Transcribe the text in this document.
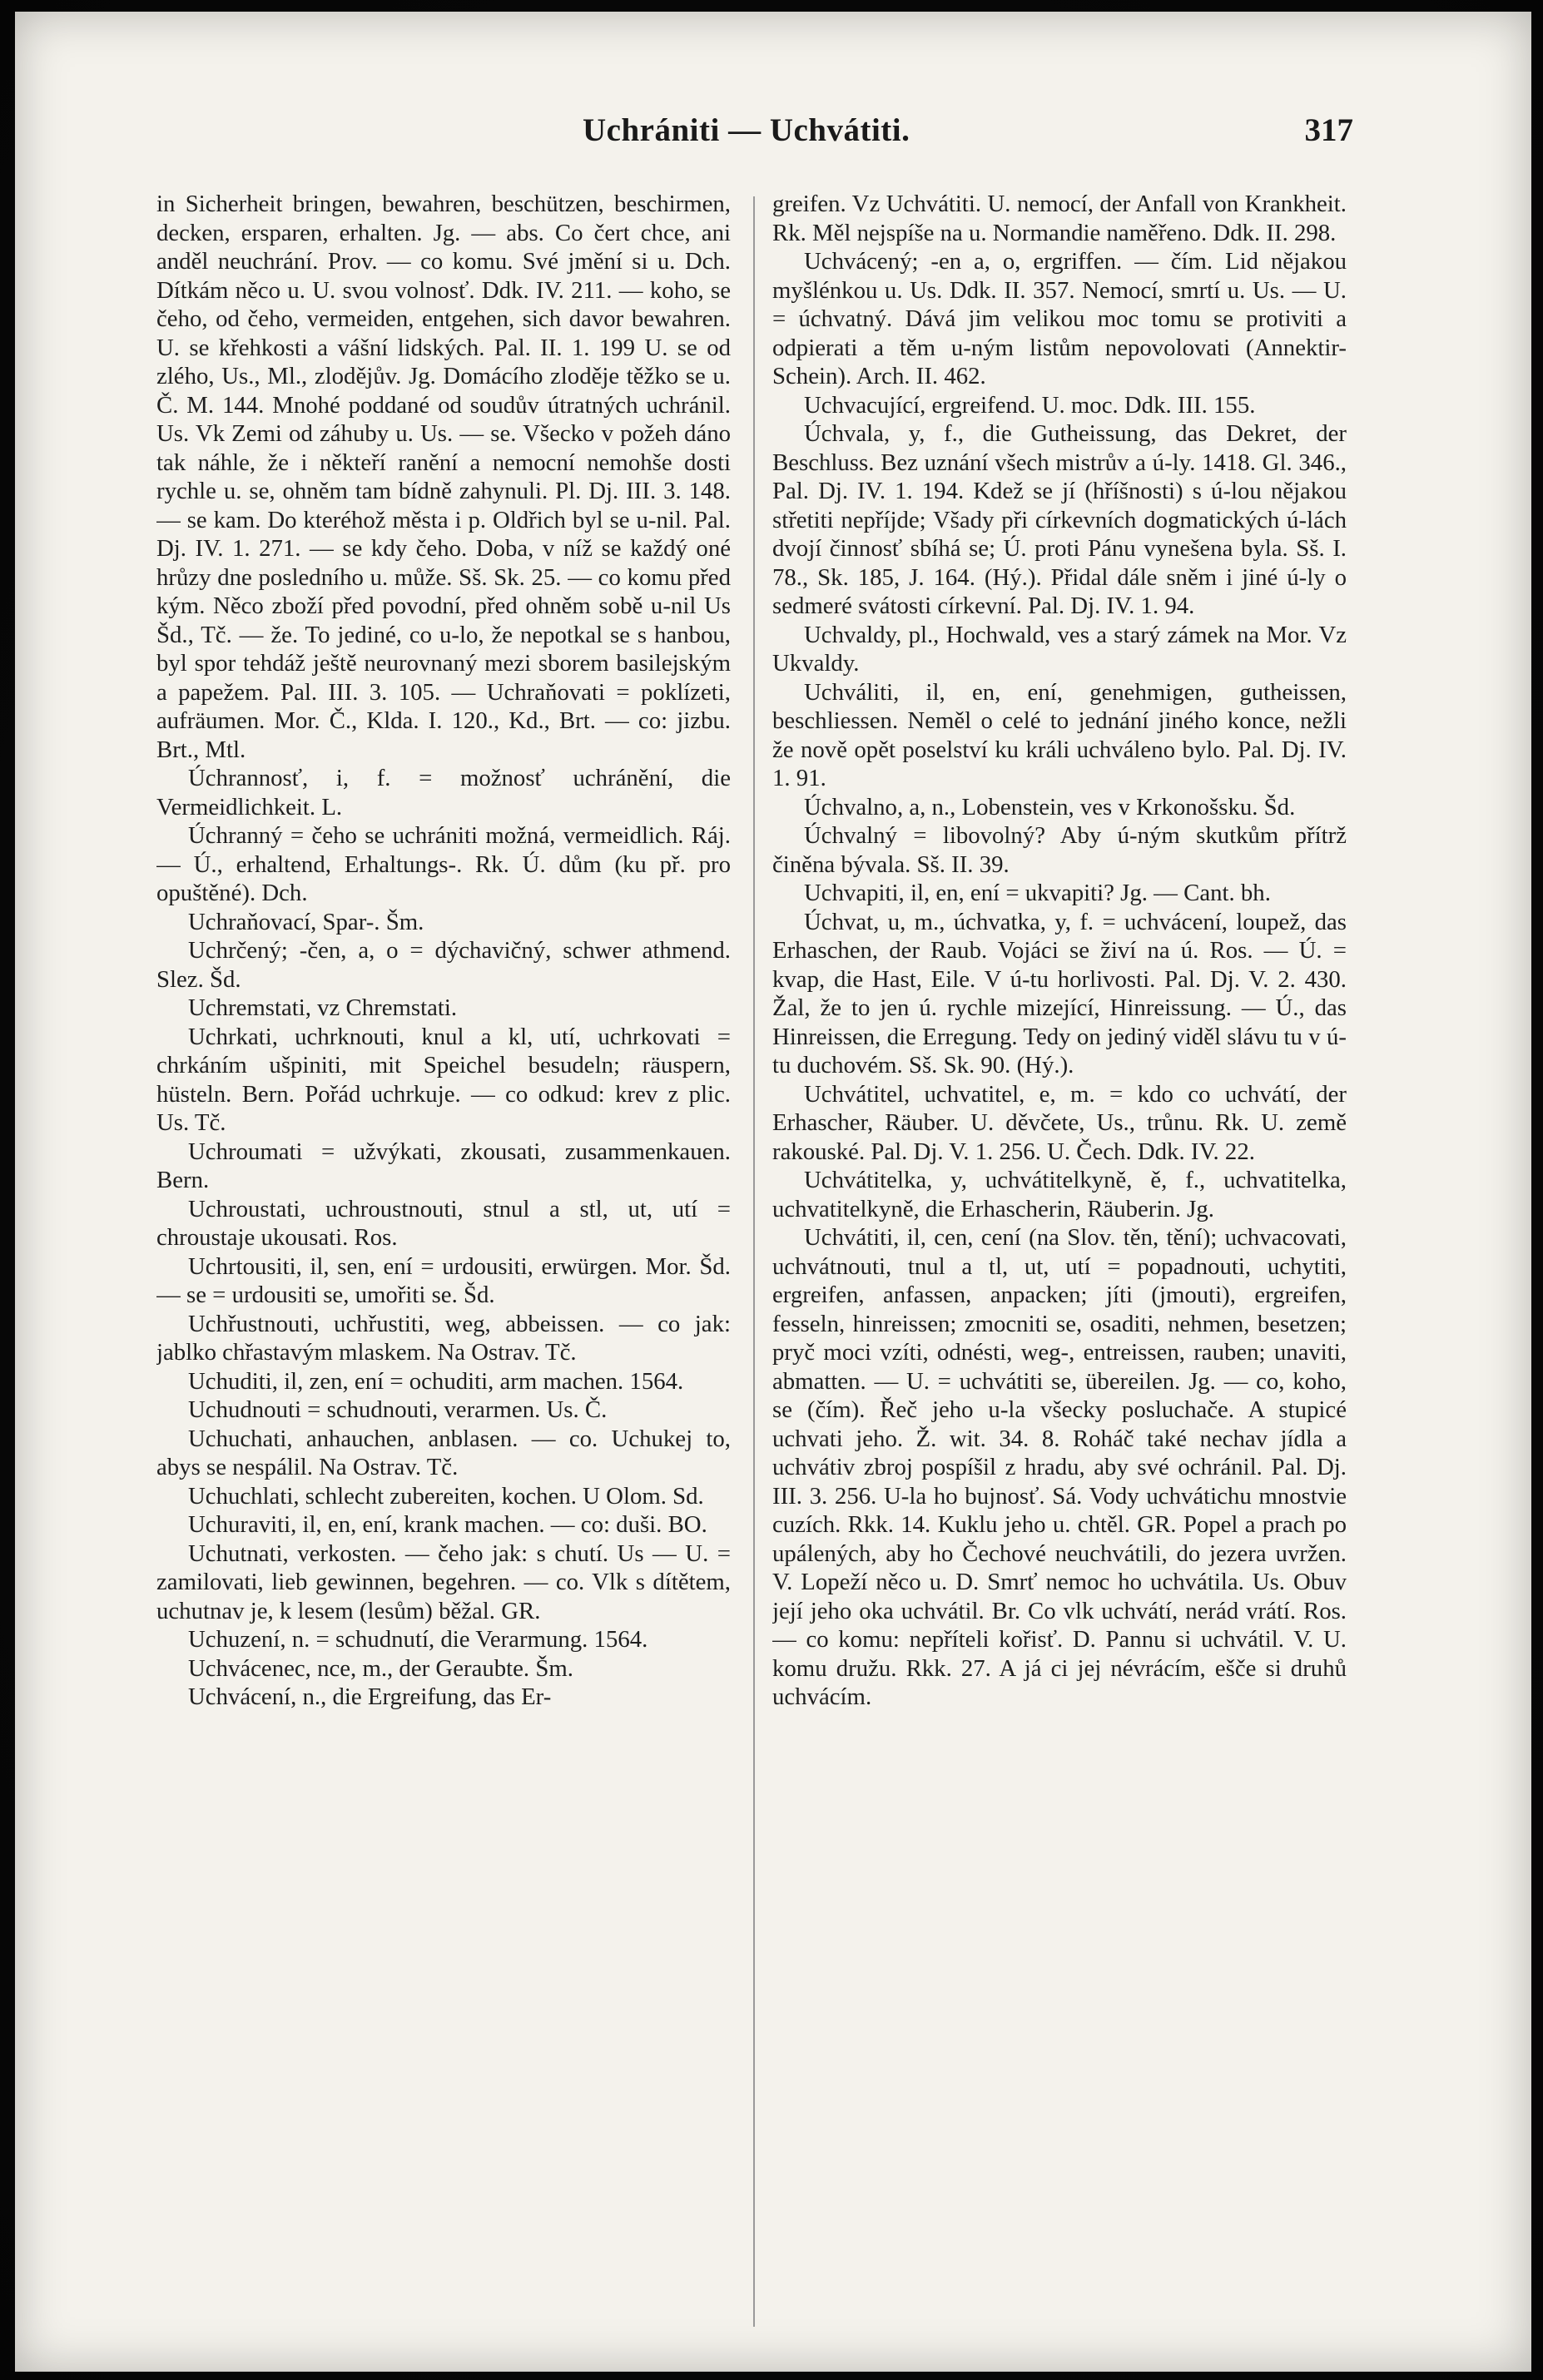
Uchrániti — Uchvátiti.	317

in Sicherheit bringen, bewahren, beschützen, beschirmen, decken, ersparen, erhalten. Jg. — abs. Co čert chce, ani anděl neuchrání. Prov. — co komu. Své jmění si u. Dch. Dítkám něco u. U. svou volnosť. Ddk. IV. 211. — koho, se čeho, od čeho, vermeiden, entgehen, sich davor bewahren. U. se křehkosti a vášní lidských. Pal. II. 1. 199 U. se od zlého, Us., Ml., zlodějův. Jg. Domácího zloděje těžko se u. Č. M. 144. Mnohé poddané od soudův útratných uchránil. Us. Vk Zemi od záhuby u. Us. — se. Všecko v požeh dáno tak náhle, že i někteří ranění a nemocní nemohše dosti rychle u. se, ohněm tam bídně zahynuli. Pl. Dj. III. 3. 148. — se kam. Do kteréhož města i p. Oldřich byl se u-nil. Pal. Dj. IV. 1. 271. — se kdy čeho. Doba, v níž se každý oné hrůzy dne posledního u. může. Sš. Sk. 25. — co komu před kým. Něco zboží před povodní, před ohněm sobě u-nil Us Šd., Tč. — že. To jediné, co u-lo, že nepotkal se s hanbou, byl spor tehdáž ještě neurovnaný mezi sborem basilejským a papežem. Pal. III. 3. 105. — Uchraňovati = poklízeti, aufräumen. Mor. Č., Klda. I. 120., Kd., Brt. — co: jizbu. Brt., Mtl.

Úchrannosť, i, f. = možnosť uchránění, die Vermeidlichkeit. L.

Úchranný = čeho se uchrániti možná, vermeidlich. Ráj. — Ú., erhaltend, Erhaltungs-. Rk. Ú. dům (ku př. pro opuštěné). Dch.

Uchraňovací, Spar-. Šm.

Uchrčený; -čen, a, o = dýchavičný, schwer athmend. Slez. Šd.

Uchremstati, vz Chremstati.

Uchrkati, uchrknouti, knul a kl, utí, uchrkovati = chrkáním ušpiniti, mit Speichel besudeln; räuspern, hüsteln. Bern. Pořád uchrkuje. — co odkud: krev z plic. Us. Tč.

Uchroumati = užvýkati, zkousati, zusammenkauen. Bern.

Uchroustati, uchroustnouti, stnul a stl, ut, utí = chroustaje ukousati. Ros.

Uchrtousiti, il, sen, ení = urdousiti, erwürgen. Mor. Šd. — se = urdousiti se, umořiti se. Šd.

Uchřustnouti, uchřustiti, weg, abbeissen. — co jak: jablko chřastavým mlaskem. Na Ostrav. Tč.

Uchuditi, il, zen, ení = ochuditi, arm machen. 1564.

Uchudnouti = schudnouti, verarmen. Us. Č.

Uchuchati, anhauchen, anblasen. — co. Uchukej to, abys se nespálil. Na Ostrav. Tč.

Uchuchlati, schlecht zubereiten, kochen. U Olom. Sd.

Uchuraviti, il, en, ení, krank machen. — co: duši. BO.

Uchutnati, verkosten. — čeho jak: s chutí. Us — U. = zamilovati, lieb gewinnen, begehren. — co. Vlk s dítětem, uchutnav je, k lesem (lesům) běžal. GR.

Uchuzení, n. = schudnutí, die Verarmung. 1564.

Uchvácenec, nce, m., der Geraubte. Šm.

Uchvácení, n., die Ergreifung, das Er-

greifen. Vz Uchvátiti. U. nemocí, der Anfall von Krankheit. Rk. Měl nejspíše na u. Normandie naměřeno. Ddk. II. 298.

Uchvácený; -en a, o, ergriffen. — čím. Lid nějakou myšlénkou u. Us. Ddk. II. 357. Nemocí, smrtí u. Us. — U. = úchvatný. Dává jim velikou moc tomu se protiviti a odpierati a těm u-ným listům nepovolovati (Annektir-Schein). Arch. II. 462.

Uchvacující, ergreifend. U. moc. Ddk. III. 155.

Úchvala, y, f., die Gutheissung, das Dekret, der Beschluss. Bez uznání všech mistrův a ú-ly. 1418. Gl. 346., Pal. Dj. IV. 1. 194. Kdež se jí (hříšnosti) s ú-lou nějakou střetiti nepříjde; Všady při církevních dogmatických ú-lách dvojí činnosť sbíhá se; Ú. proti Pánu vynešena byla. Sš. I. 78., Sk. 185, J. 164. (Hý.). Přidal dále sněm i jiné ú-ly o sedmeré svátosti církevní. Pal. Dj. IV. 1. 94.

Uchvaldy, pl., Hochwald, ves a starý zámek na Mor. Vz Ukvaldy.

Uchváliti, il, en, ení, genehmigen, gutheissen, beschliessen. Neměl o celé to jednání jiného konce, nežli že nově opět poselství ku králi uchváleno bylo. Pal. Dj. IV. 1. 91.

Úchvalno, a, n., Lobenstein, ves v Krkonošsku. Šd.

Úchvalný = libovolný? Aby ú-ným skutkům přítrž činěna bývala. Sš. II. 39.

Uchvapiti, il, en, ení = ukvapiti? Jg. — Cant. bh.

Úchvat, u, m., úchvatka, y, f. = uchvácení, loupež, das Erhaschen, der Raub. Vojáci se živí na ú. Ros. — Ú. = kvap, die Hast, Eile. V ú-tu horlivosti. Pal. Dj. V. 2. 430. Žal, že to jen ú. rychle mizející, Hinreissung. — Ú., das Hinreissen, die Erregung. Tedy on jediný viděl slávu tu v ú-tu duchovém. Sš. Sk. 90. (Hý.).

Uchvátitel, uchvatitel, e, m. = kdo co uchvátí, der Erhascher, Räuber. U. děvčete, Us., trůnu. Rk. U. země rakouské. Pal. Dj. V. 1. 256. U. Čech. Ddk. IV. 22.

Uchvátitelka, y, uchvátitelkyně, ě, f., uchvatitelka, uchvatitelkyně, die Erhascherin, Räuberin. Jg.

Uchvátiti, il, cen, cení (na Slov. těn, tění); uchvacovati, uchvátnouti, tnul a tl, ut, utí = popadnouti, uchytiti, ergreifen, anfassen, anpacken; jíti (jmouti), ergreifen, fesseln, hinreissen; zmocniti se, osaditi, nehmen, besetzen; pryč moci vzíti, odnésti, weg-, entreissen, rauben; unaviti, abmatten. — U. = uchvátiti se, übereilen. Jg. — co, koho, se (čím). Řeč jeho u-la všecky posluchače. A stupicé uchvati jeho. Ž. wit. 34. 8. Roháč také nechav jídla a uchvátiv zbroj pospíšil z hradu, aby své ochránil. Pal. Dj. III. 3. 256. U-la ho bujnosť. Sá. Vody uchvátichu mnostvie cuzích. Rkk. 14. Kuklu jeho u. chtěl. GR. Popel a prach po upálených, aby ho Čechové neuchvátili, do jezera uvržen. V. Lopeží něco u. D. Smrť nemoc ho uchvátila. Us. Obuv její jeho oka uchvátil. Br. Co vlk uchvátí, nerád vrátí. Ros. — co komu: nepříteli kořisť. D. Pannu si uchvátil. V. U. komu družu. Rkk. 27. A já ci jej névrácím, ešče si druhů uchvácím.
